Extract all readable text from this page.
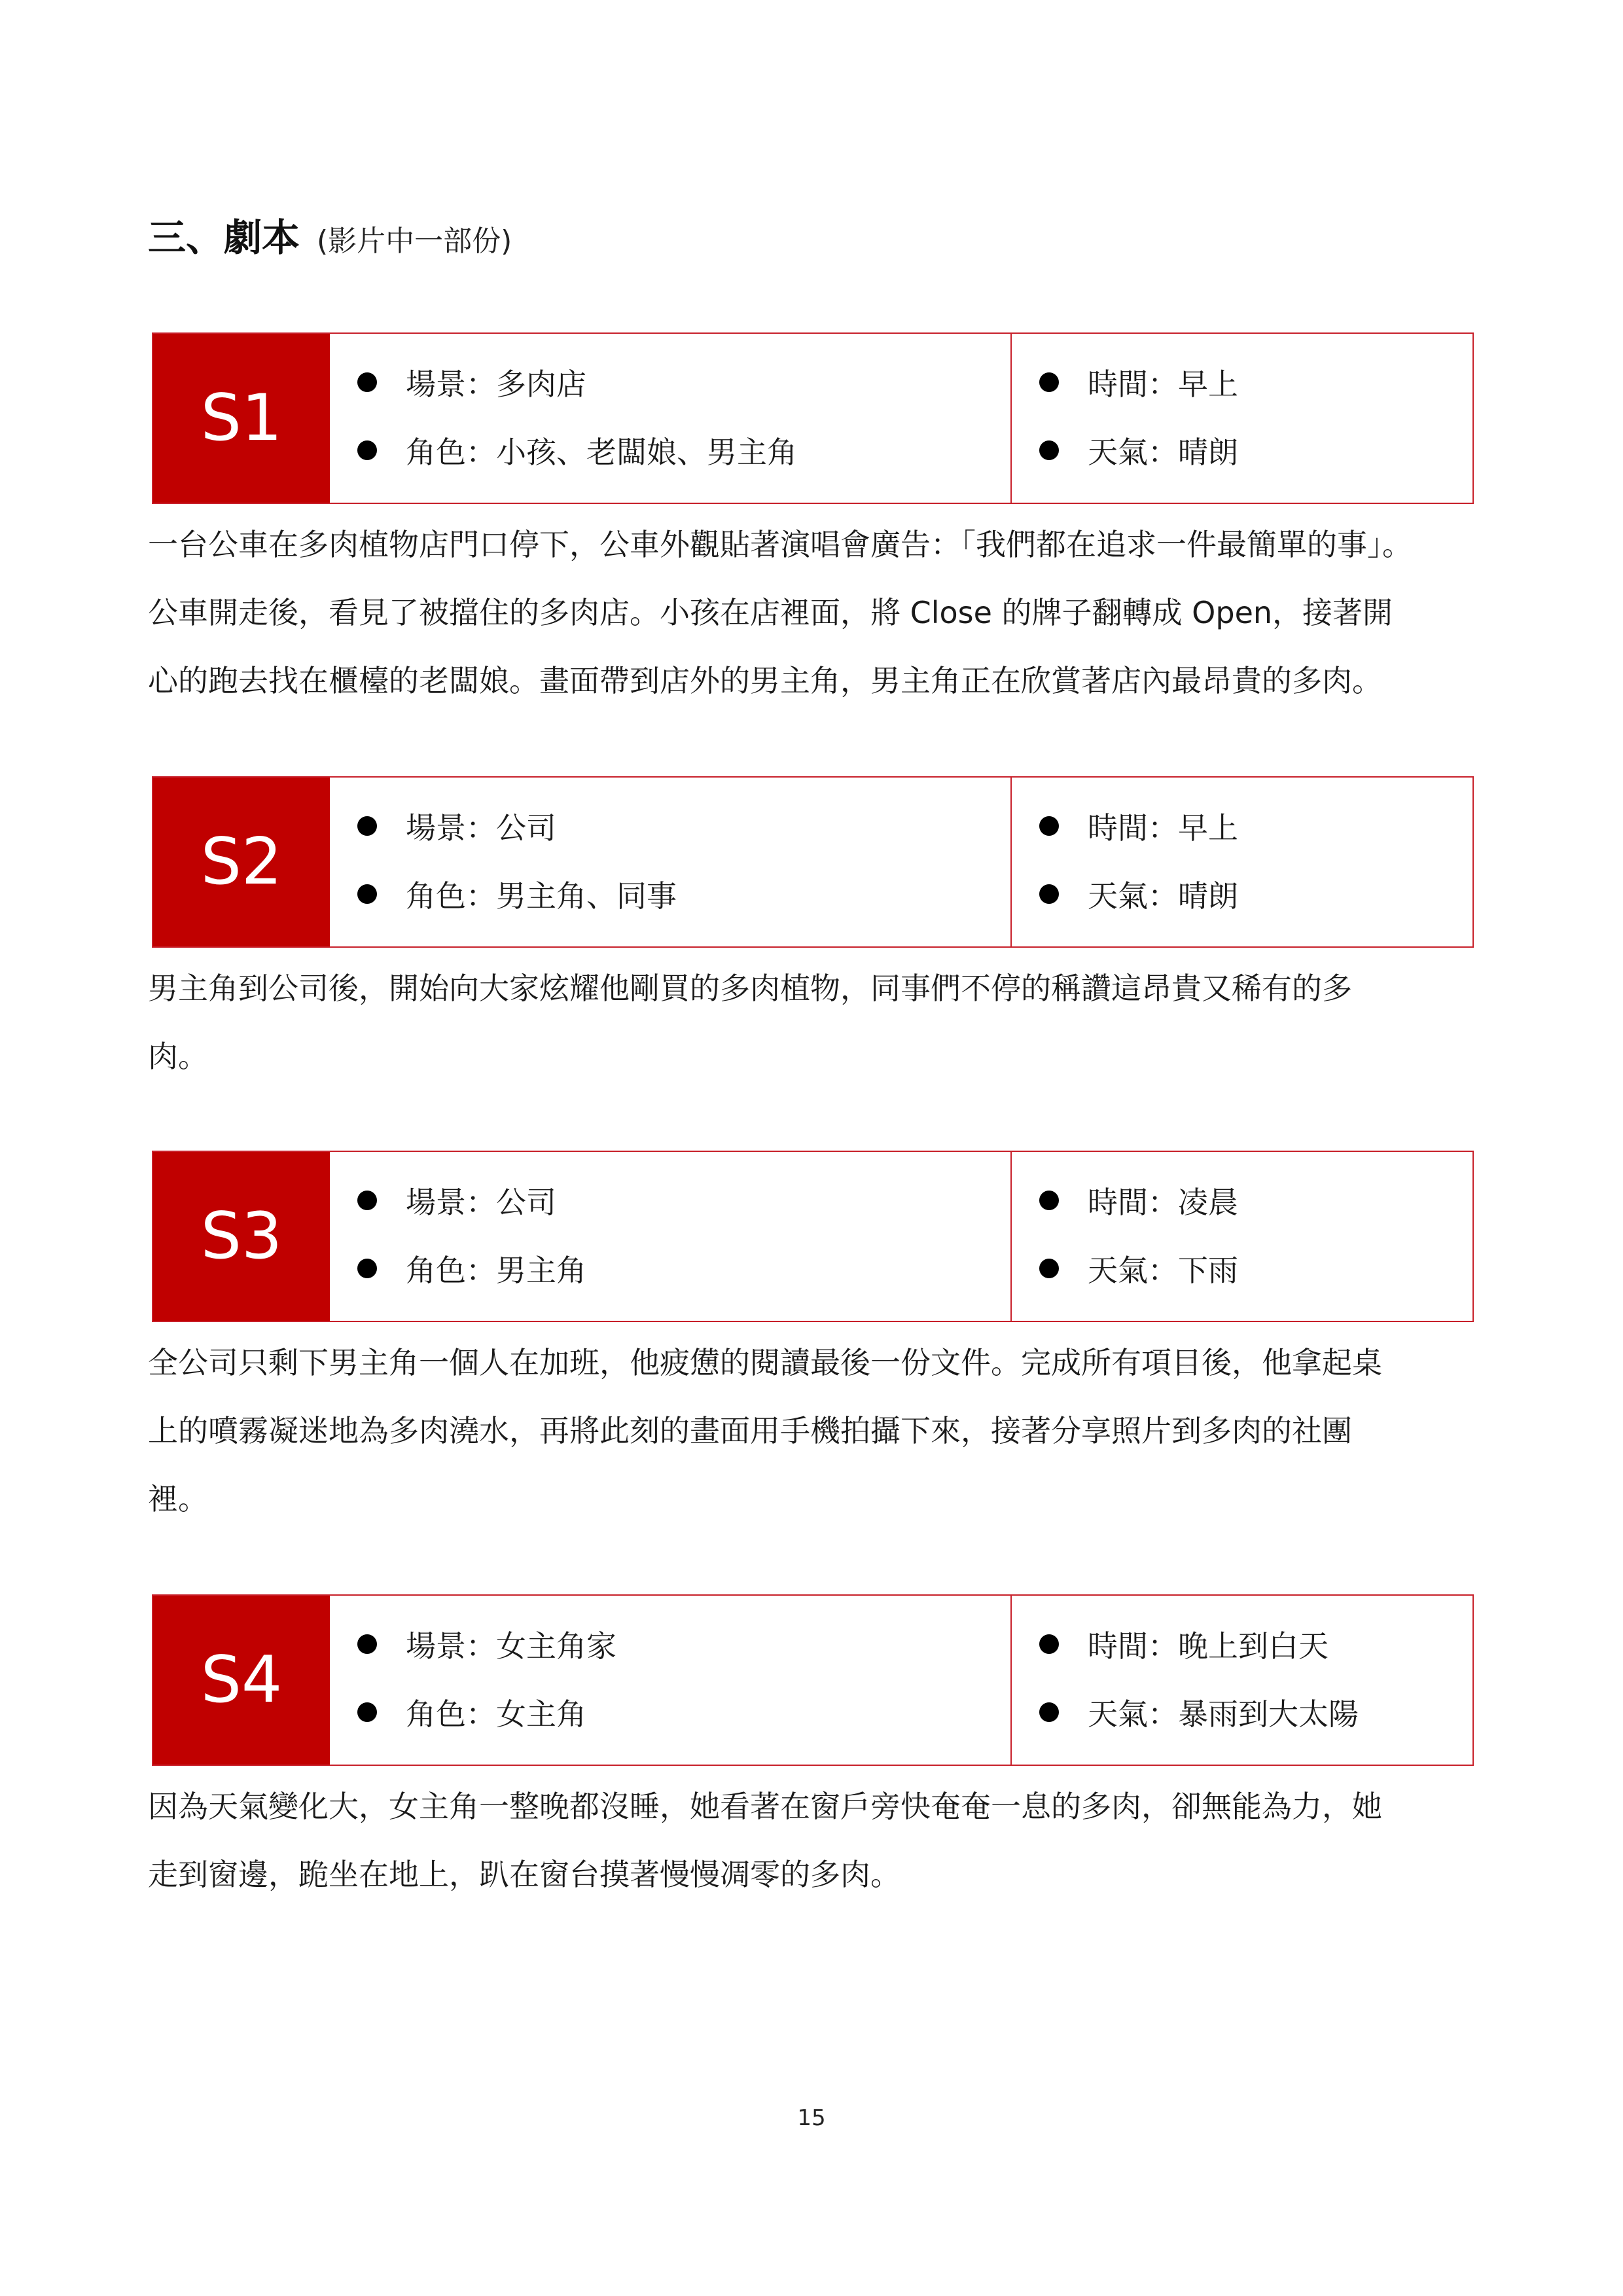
三、劇本 (影片中一部份)
S1	場景：多肉店
角色：小孩、老闆娘、男主角
時間：早上
天氣：晴朗
一台公車在多肉植物店門口停下，公車外觀貼著演唱會廣告：「我們都在追求一件最簡單的事」。
公車開走後，看見了被擋住的多肉店。小孩在店裡面，將 Close 的牌子翻轉成 Open，接著開
心的跑去找在櫃檯的老闆娘。畫面帶到店外的男主角，男主角正在欣賞著店內最昂貴的多肉。
S2	場景：公司
角色：男主角、同事
時間：早上
天氣：晴朗
男主角到公司後，開始向大家炫耀他剛買的多肉植物，同事們不停的稱讚這昂貴又稀有的多
肉。
S3	場景：公司
角色：男主角
時間：凌晨
天氣：下雨
全公司只剩下男主角一個人在加班，他疲憊的閱讀最後一份文件。完成所有項目後，他拿起桌
上的噴霧凝迷地為多肉澆水，再將此刻的畫面用手機拍攝下來，接著分享照片到多肉的社團
裡。
S4	場景：女主角家
角色：女主角
時間：晚上到白天
天氣：暴雨到大太陽
因為天氣變化大，女主角一整晚都沒睡，她看著在窗戶旁快奄奄一息的多肉，卻無能為力，她
走到窗邊，跪坐在地上，趴在窗台摸著慢慢凋零的多肉。
15
